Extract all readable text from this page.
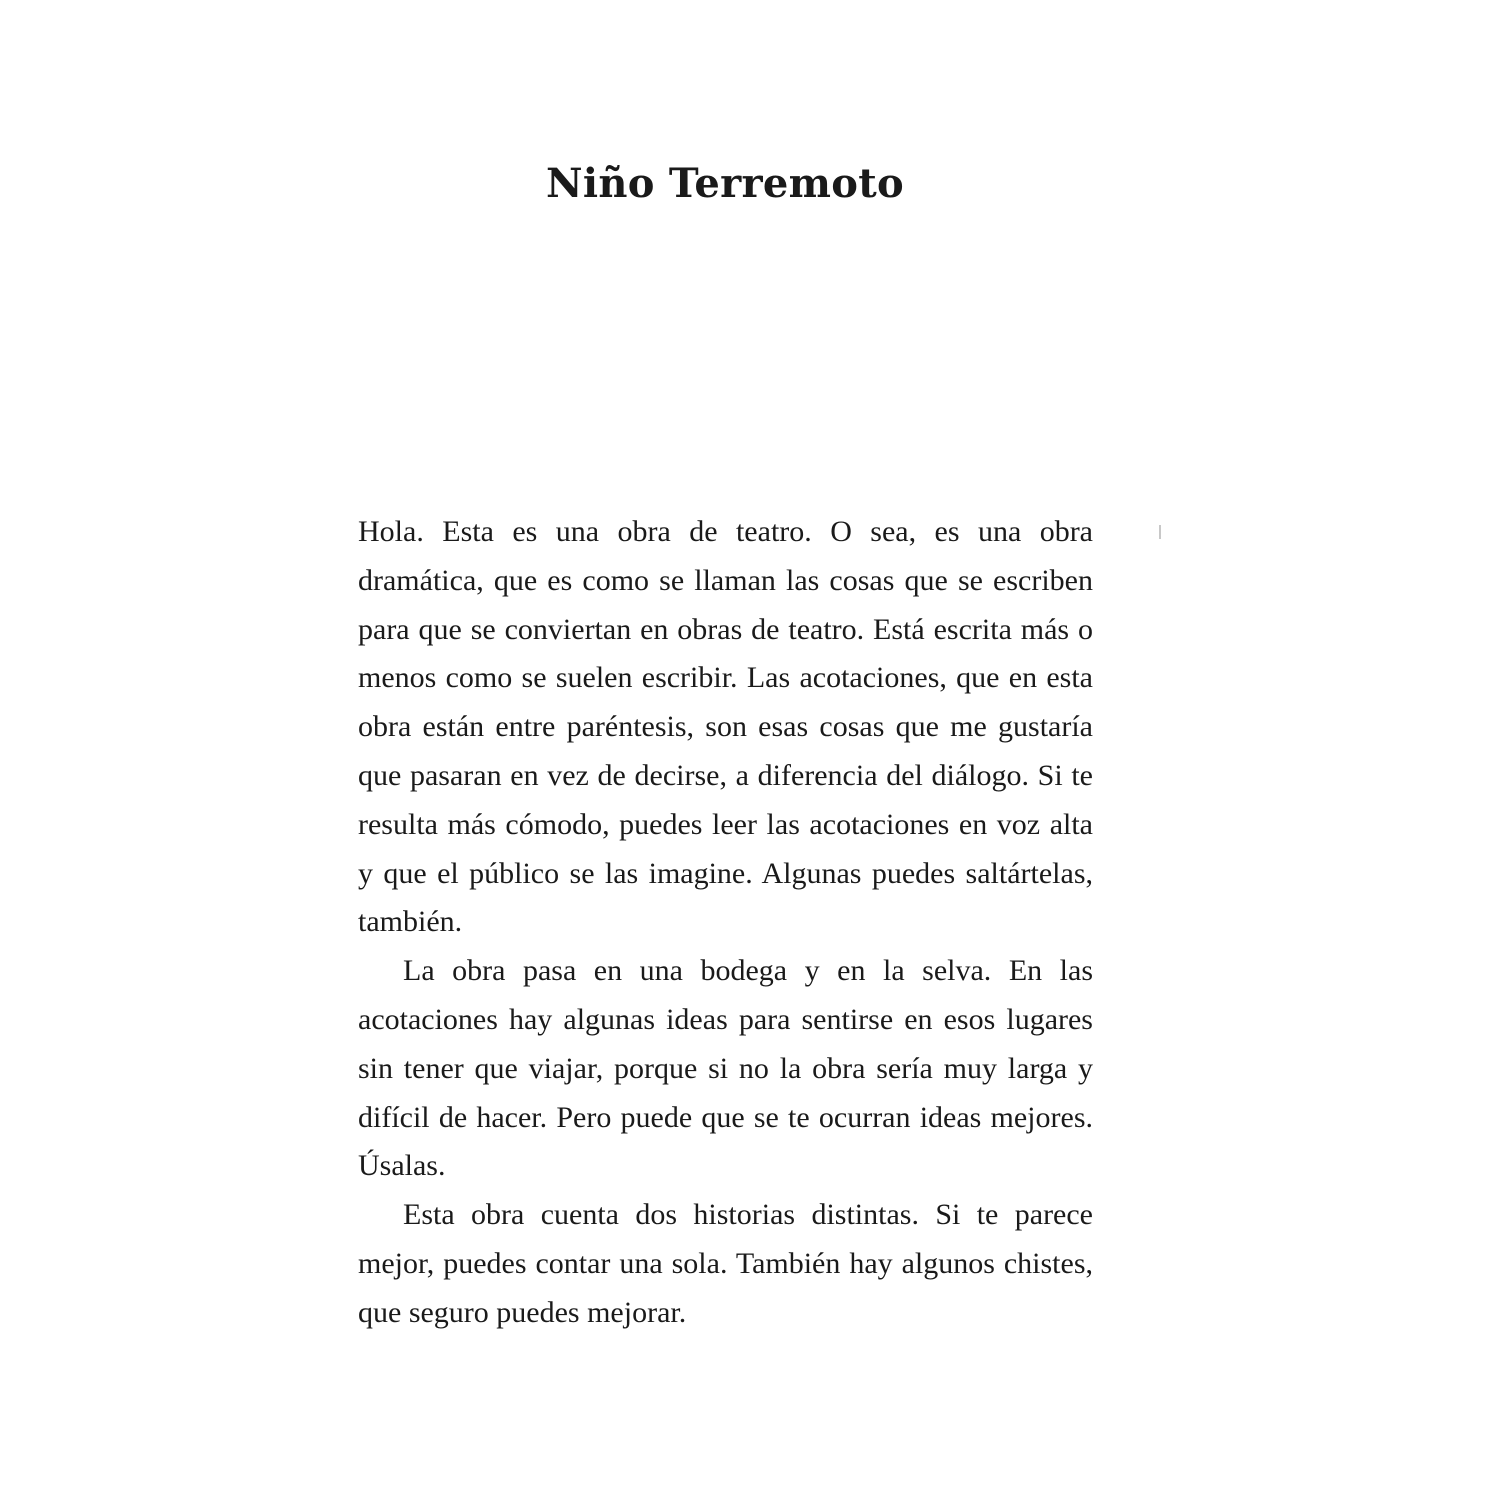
Niño Terremoto

Hola. Esta es una obra de teatro. O sea, es una obra dramática, que es como se llaman las cosas que se escriben para que se conviertan en obras de teatro. Está escrita más o menos como se suelen escribir. Las acotaciones, que en esta obra están entre paréntesis, son esas cosas que me gustaría que pasaran en vez de decirse, a diferencia del diálogo. Si te resulta más cómodo, puedes leer las acotaciones en voz alta y que el público se las imagine. Algunas puedes saltártelas, también.

La obra pasa en una bodega y en la selva. En las acotaciones hay algunas ideas para sentirse en esos lugares sin tener que viajar, porque si no la obra sería muy larga y difícil de hacer. Pero puede que se te ocurran ideas mejores. Úsalas.

Esta obra cuenta dos historias distintas. Si te parece mejor, puedes contar una sola. También hay algunos chistes, que seguro puedes mejorar.
